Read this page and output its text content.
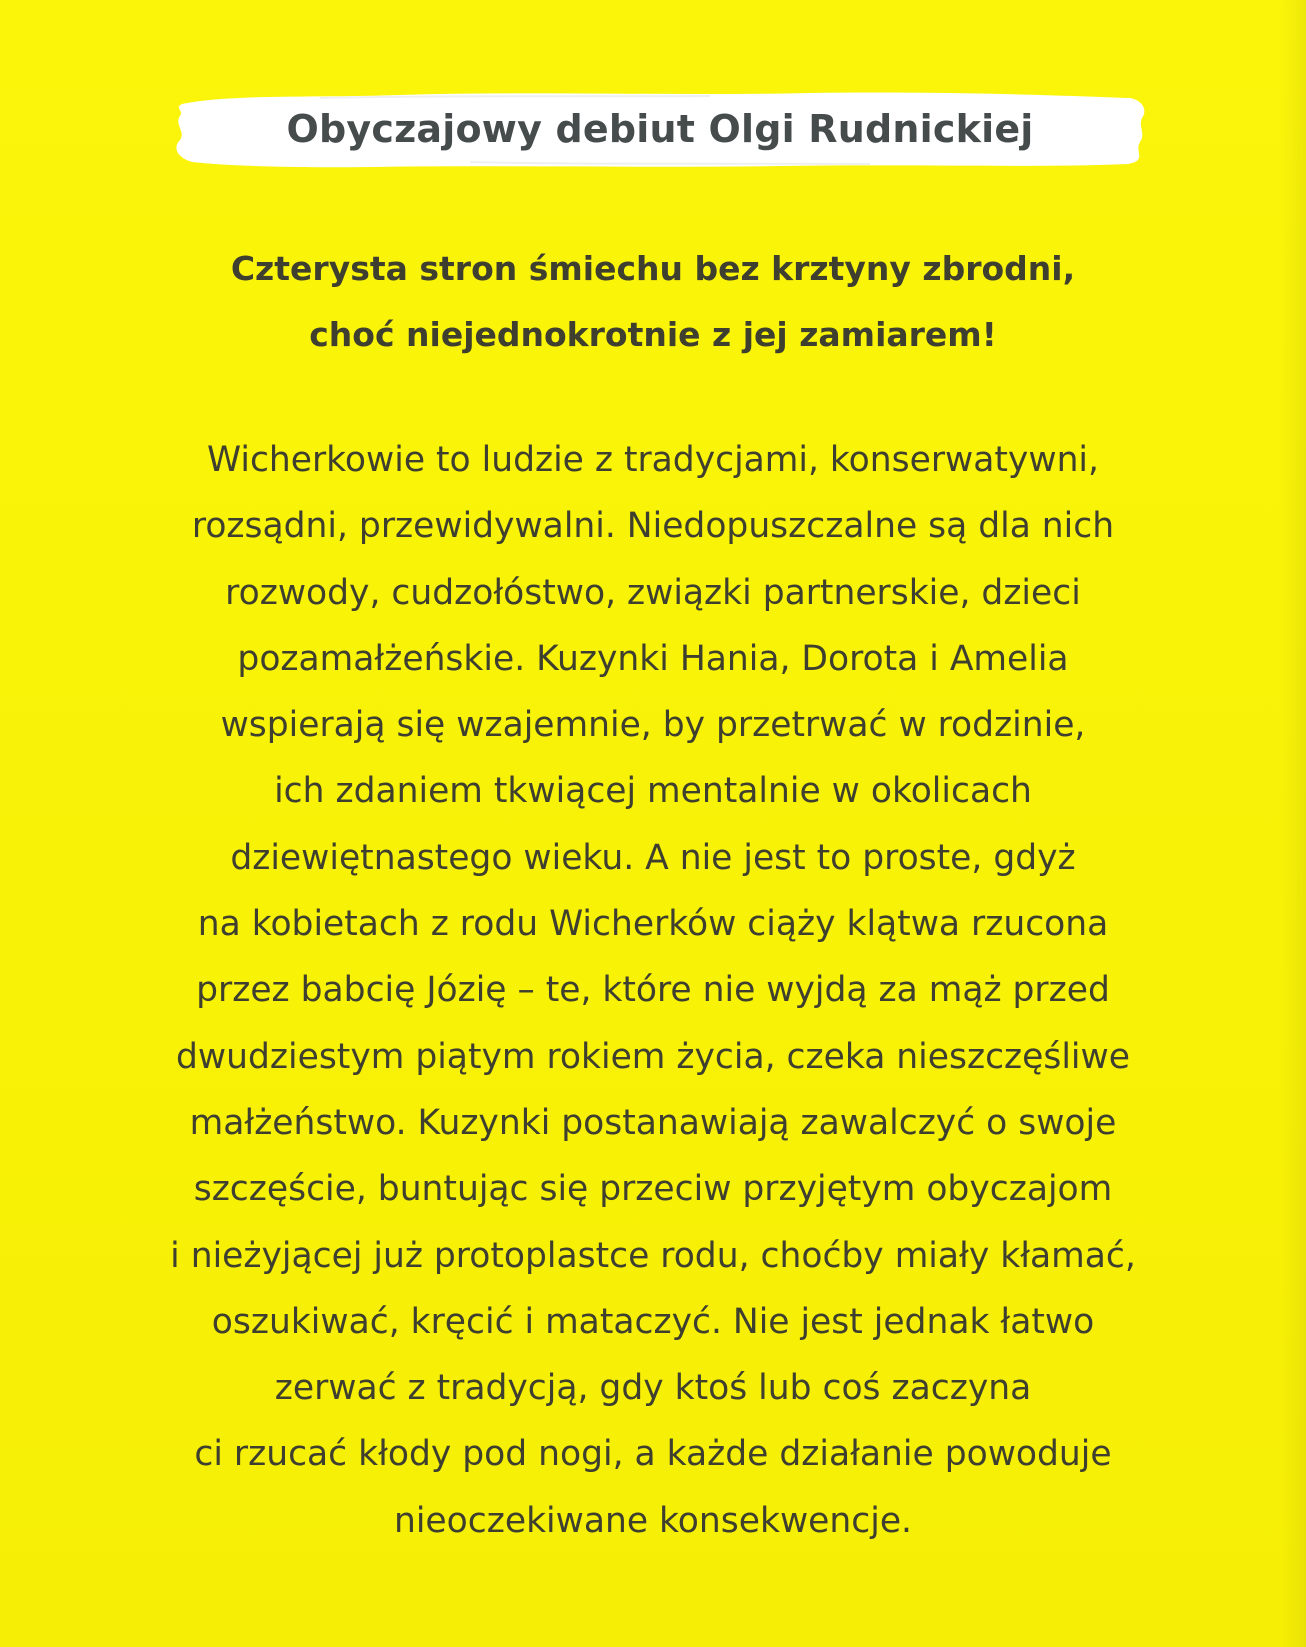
Obyczajowy debiut Olgi Rudnickiej
Czterysta stron śmiechu bez krztyny zbrodni,
choć niejednokrotnie z jej zamiarem!
Wicherkowie to ludzie z tradycjami, konserwatywni,
rozsądni, przewidywalni. Niedopuszczalne są dla nich
rozwody, cudzołóstwo, związki partnerskie, dzieci
pozamałżeńskie. Kuzynki Hania, Dorota i Amelia
wspierają się wzajemnie, by przetrwać w rodzinie,
ich zdaniem tkwiącej mentalnie w okolicach
dziewiętnastego wieku. A nie jest to proste, gdyż
na kobietach z rodu Wicherków ciąży klątwa rzucona
przez babcię Józię – te, które nie wyjdą za mąż przed
dwudziestym piątym rokiem życia, czeka nieszczęśliwe
małżeństwo. Kuzynki postanawiają zawalczyć o swoje
szczęście, buntując się przeciw przyjętym obyczajom
i nieżyjącej już protoplastce rodu, choćby miały kłamać,
oszukiwać, kręcić i mataczyć. Nie jest jednak łatwo
zerwać z tradycją, gdy ktoś lub coś zaczyna
ci rzucać kłody pod nogi, a każde działanie powoduje
nieoczekiwane konsekwencje.
